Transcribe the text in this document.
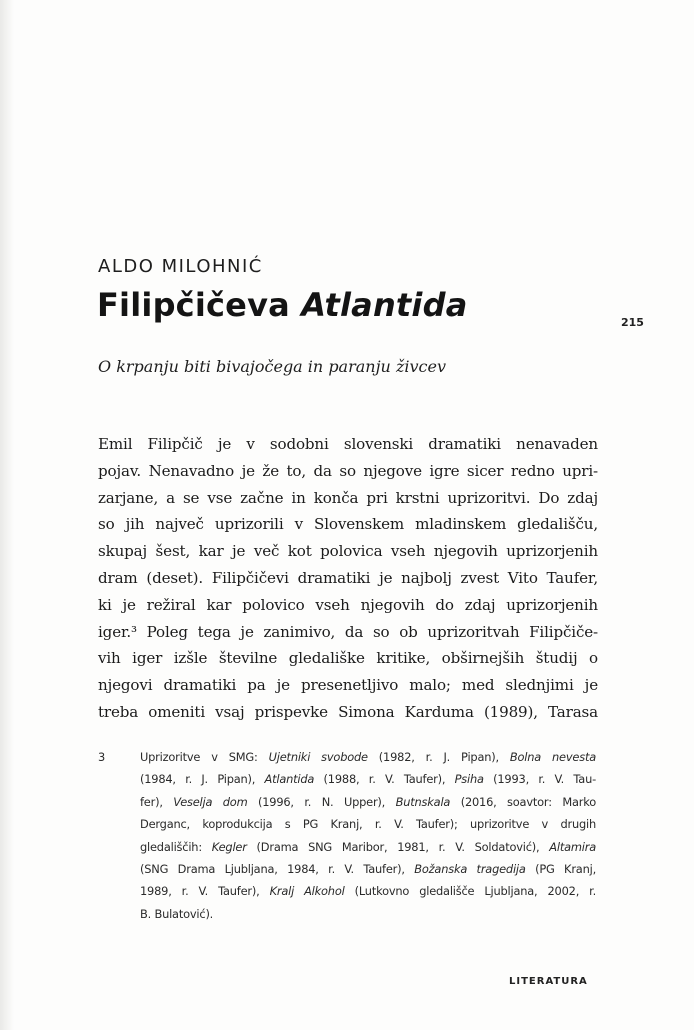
ALDO MILOHNIĆ
Filipčičeva Atlantida	215
O krpanju biti bivajočega in paranju živcev
Emil Filipčič je v sodobni slovenski dramatiki nenavaden
pojav. Nenavadno je že to, da so njegove igre sicer redno upri-
zarjane, a se vse začne in konča pri krstni uprizoritvi. Do zdaj
so jih največ uprizorili v Slovenskem mladinskem gledališču,
skupaj šest, kar je več kot polovica vseh njegovih uprizorjenih
dram (deset). Filipčičevi dramatiki je najbolj zvest Vito Taufer,
ki je režiral kar polovico vseh njegovih do zdaj uprizorjenih
iger.³ Poleg tega je zanimivo, da so ob uprizoritvah Filipčiče-
vih iger izšle številne gledališke kritike, obširnejših študij o
njegovi dramatiki pa je presenetljivo malo; med slednjimi je
treba omeniti vsaj prispevke Simona Karduma (1989), Tarasa
3	Uprizoritve v SMG: Ujetniki svobode (1982, r. J. Pipan), Bolna nevesta
(1984, r. J. Pipan), Atlantida (1988, r. V. Taufer), Psiha (1993, r. V. Tau-
fer), Veselja dom (1996, r. N. Upper), Butnskala (2016, soavtor: Marko
Derganc, koprodukcija s PG Kranj, r. V. Taufer); uprizoritve v drugih
gledališčih: Kegler (Drama SNG Maribor, 1981, r. V. Soldatović), Altamira
(SNG Drama Ljubljana, 1984, r. V. Taufer), Božanska tragedija (PG Kranj,
1989, r. V. Taufer), Kralj Alkohol (Lutkovno gledališče Ljubljana, 2002, r.
B. Bulatović).
LITERATURA
